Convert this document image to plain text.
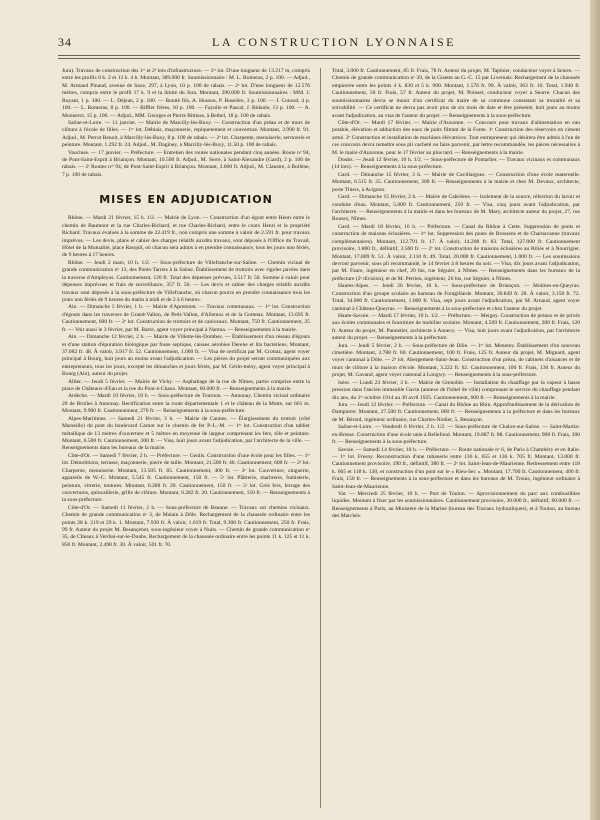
34	LA CONSTRUCTION LYONNAISE

Jura). Travaux de construction des 1ᵉʳ et 2ᵉ lots d'infrastructure. — 1ᵉʳ lot. D'une longueur de 13.217 m, compris entre les profils 0 k. 2 et 13 k. 4 h. Montant, 389.000 fr. Soumissionnaire : M. L. Romeras, 2 p. 100. — Adjud., M. Armand Pinaud, avenue de Saxe, 297, à Lyon, 10 p. 100 de rabais. — 2ᵉ lot. D'une longueur de 12.576 mètres, compris entre le profil 17 k. 9 et la limite du Jura. Montant, 290.000 fr. Soumissionnaires : MM. J. Ruyant, 1 p. 100. — L. Déjean, 2 p. 100. — Bouttè fils, A. Husson, P. Bussière, 3 p. 100. — J. Conord, 4 p. 100. — L. Romeras, 8 p. 100. — Biffler frères, 10 p. 100. — Fayolle et Pascal, J. Bidaule, 13 p. 100. — A. Monnerot, 15 p. 100. — Adjud., MM. Georges et Pierre Bittisse, à Bethel, 18 p. 100 de rabais.

Saône-et-Loire. — 11 janvier. — Mairie de Marcilly-lès-Buxy. — Construction d'un préau et de murs de clôture à l'école de filles. — 1ᵉʳ lot. Déblais, maçonnerie, repiquetement et couverture. Montant, 3.990 fr. 91. Adjud., M. Perrot Benoit, à Marcilly-lès-Buxy, 8 p. 100 de rabais. — 2ᵉ lot. Charpente, menuiserie, serrurerie et peinture. Montant, 1.292 fr. 24. Adjud., M. Daginey, à Marcilly-lès-Buxy, 11.50 p. 100 de rabais.

Vaucluse. — 17 janvier. — Préfecture. — Entretien des routes nationales pendant cinq années. Route nᵒ 94, de Pont-Saint-Esprit à Briançon. Montant, 10.500 fr. Adjud., M. Serre, à Saint-Alexandre (Gard), 2 p. 100 de rabais. — 2ᵉ Routes nᵒˢ 94, de Pont-Saint-Esprit à Briançon. Montant, 3.800 fr. Adjud., M. Claustre, à Bollène, 7 p. 100 de rabais.

MISES EN ADJUDICATION

Rhône. — Mardi 21 février, 15 h. 1/2. — Mairie de Lyon. — Construction d'un égout entre Henri entre le chemin de Baumont et la rue Charles-Richard, et rue Charles-Richard, entre le cours Henri et la propriété Richard. Travaux évalués à la somme de 22.419 fr., non compris une somme à valoir de 2.591 fr. pour travaux imprévus. — Les devis, plans et cahier des charges relatifs auxdits travaux, sont déposés à l'Office du Travail, Hôtel de la Mutualité, place Rasquil, où chacun sera admis à en prendre connaissance, tous les jours non fériés, de 9 heures à 17 heures.

Rhône. — Jeudi 2 mars, 10 h. 1/2. — Sous-préfecture de Villefranche-sur-Saône. — Chemin vicinal de grande communication nᵒ 13, des Ponts-Tarrets à la Saône. Établissement de trottoirs avec rigoles pavées dans la traverse d'Ampleyus. Cautionnement, 120 fr. Total des dépenses prévues, 3.517 fr. 50. Somme à valoir pour dépenses imprévues et frais de surveillance, 357 fr. 50. — Les devis et cahier des charges relatifs auxdits travaux sont déposés à la sous-préfecture de Villefranche, où chacun pourra en prendre connaissance tous les jours non fériés de 9 heures du matin à midi et de 2 à 6 heures.

Ain. — Dimanche 5 février, 1 h. — Mairie d'Apremont. — Travaux communaux. — 1ᵉʳ lot. Construction d'égouts dans les traverses de Grand-Vallon, de Petit-Vallon, d'Allemoz et de la Gottetaz. Montant, 13.695 fr. Cautionnement, 600 fr. — 2ᵉ lot. Construction de trottoirs et de caniveaux. Montant, 750 fr. Cautionnement, 25 fr. — Voir aussi le 3 février, par M. Barre, agent voyer principal à Nantua. — Renseignements à la mairie.

Ain. — Dimanche 12 février, 2 h. — Mairie de Villette-lès-Dombes. — Établissement d'un réseau d'égouts et d'une station d'épuration biologique par fosse septique, caisses aérobies Derene et lits bactériens. Montant, 37.082 fr. 48. À valoir, 3.917 fr. 52. Cautionnement, 1.000 fr. — Visa de certificat par M. Crottaz, agent voyer principal à Bourg, huit jours au moins avant l'adjudication. — Les pièces du projet seront communiquées aux entrepreneurs, tous les jours, excepté les dimanches et jours fériés, par M. Gérin-mény, agent voyer principal à Bourg (Ain), auteur du projet.

Allier. — Jeudi 5 février. — Mairie de Vichy. — Asphaltage de la rue de Nîmes, partie comprise entre la place de Châteaux-d'Eau et la rue du Pont-à-Chaux. Montant, 60.000 fr. — Renseignements à la mairie.

Ardèche. — Mardi 10 février, 10 h. — Sous-préfecture de Tournon. — Annonay. Chemin vicinal ordinaire 20 de Brolles à Annonay. Rectification entre la route départementale 1 et le château de la Motte, sur 661 m. Montant, 9.900 fr. Cautionnement, 270 fr. — Renseignements à la sous-préfecture.

Alpes-Maritimes. — Samedi 21 février, 3 h. — Mairie de Cannes. — Élargissement du trottoir (côté Marseille) du pont du boulevard Carnot sur le chemin de fer P.-L.-M. — 1ᵉʳ lot. Construction d'un tablier métallique de 13 mètres d'ouverture et 5 mètres en moyenne de largeur comprenant les fers, tôle et peinture. Montant, 6.500 fr. Cautionnement, 300 fr. — Visa, huit jours avant l'adjudication, par l'architecte de la ville. — Renseignements dans les bureaux de la mairie.

Côte-d'Or. — Samedi 7 février, 2 h. — Préfecture. — Genlis. Construction d'une école pour les filles. — 1ᵉʳ lot. Démolitions, terrasse, maçonnerie, pierre de taille. Montant, 21.500 fr. 40. Cautionnement, 600 fr. — 2ᵉ lot. Charpente, menuiserie. Montant, 13.505 fr. 85. Cautionnement, 400 fr. — 3ᵉ lot. Couverture, zinguerie, appareils de W.-C. Montant, 5.545 fr. Cautionnement, 150 fr. — 5ᵉ lot. Plâtrerie, marbrerie, fumisterie, peinture, vitrerie, tentures. Montant, 6.288 fr. 20. Cautionnement, 150 fr. — 5ᵉ lot. Grès fers, ferrage des couvertures, quincaillerie, grille de clôture. Montant, 6.282 fr. 20. Cautionnement, 150 fr. — Renseignements à la sous-préfecture.

Côte-d'Or. — Samedi 11 février, 2 h. — Sous-préfecture de Beaune. — Travaux sur chemins vicinaux. Chemin de grande communication nᵒ 3, de Malain à Dôle. Rechargement de la chaussée ordinaire entre les points 28 k. 219 et 29 k. 1. Montant, 7.930 fr. À valoir, 1.019 fr. Total, 9.300 fr. Cautionnement, 250 fr. Frais, 99 fr. Auteur du projet M. Besançenot, sous-ingénieur voyer à Nuits. — Chemin de grande communication nᵒ 35, de Cîteaux à Verdun-sur-le-Doubs. Rechargement de la chaussée ordinaire entre les points 11 k. 125 et 11 k. 850 fr. Montant, 2.498 fr. 30. À valoir, 501 fr. 70.

Total, 3.000 fr. Cautionnement, 85 fr. Frais, 78 fr. Auteur du projet, M. Tapinier, conducteur voyer à Seurre. — Chemin de grande communication nᵒ 39, de la Gisette au G.-C. 15 par Livernais. Rechargement de la chaussée empierrée entre les points 4 k. 830 et 5 k. 900. Montant, 1.576 fr. 90. À valoir, 363 fr. 10. Total, 1.940 fr. Cautionnement, 50 fr. Frais, 57 fr. Auteur du projet, M. Poinset, conducteur voyer à Seurre. Chacun des soumissionnaires devra se munir d'un certificat du maire de sa commune constatant sa moralité et sa solvabilité. — Ce certificat ne devra pas avoir plus de six mois de date et être présenté, huit jours au moins avant l'adjudication, au visa de l'auteur du projet. — Renseignements à la sous-préfecture.

Côte-d'Or. — Mardi 17 février. — Mairie d'Auxonne. — Concours pour travaux d'alimentation en eau potable, élévation et adduction des eaux de puits filtrant de la Fonte. 1ᵒ Construction des réservoirs en ciment armé. 2ᵒ Construction et installation de machines élévatrices. Tout entrepreneur qui désirera être admis à l'un de ces concours devra remettre sous pli cacheté ou faire parvenir, par lettre recommandée, les pièces nécessaires à M. le maire d'Auxonne, pour le 17 février au plus tard. — Renseignements à la mairie.

Doubs. — Jeudi 12 février, 10 h. 1/2. — Sous-préfecture de Pontarlier. — Travaux vicinaux et communaux (14 lots). — Renseignements à la sous-préfecture.

Gard. — Dimanche 15 février, 3 h. — Mairie de Cavillargues. — Construction d'une école maternelle. Montant, 6.515 fr. 35. Cautionnement, 300 fr. — Renseignements à la mairie et chez M. Devaux, architecte, porte Thiers, à Avignon.

Gard. — Dimanche 15 février, 2 h. — Mairie de Cabrières. — Isolement de la source, réfection du lavoir et conduite d'eau. Montant, 5.000 fr. Cautionnement, 250 fr. — Visa, cinq jours avant l'adjudication, par l'architecte. — Renseignements à la mairie et dans les bureaux de M. Mary, architecte auteur du projet, 27, rue Rousey, Nîmes.

Gard. — Mardi 18 février, 10 h. — Préfecture. — Canal du Rhône à Cette. Suppression de ponts et construction de maisons éclusières. — 1ᵉʳ lot. Suppression des ponts de Brossens et de Charnavanne (travaux complémentaires). Montant, 112.791 fr. 17. À valoir, 14.208 fr. 83. Total, 127.000 fr. Cautionnement provisoire, 1.800 fr., définitif, 3.500 fr. — 2ᵉ lot. Construction de maisons éclusières au Riliès et à Nourrigier. Montant, 17.889 fr. 51. À valoir, 2.110 fr. 49. Total, 20.000 fr. Cautionnement, 1.000 fr. — Les soumissions devront parvenir, sous pli recommandé, le 14 février à 8 heures du soir. — Visa, dix jours avant l'adjudication, par M. Faure, ingénieur en chef, 20 bis, rue Séguier, à Nîmes. — Renseignements dans les bureaux de la préfecture (2ᵉ division), et de M. Perrieu, ingénieur, 26 bis, rue Séguier, à Nîmes.

Hautes-Alpes. — Jeudi 26 février, 10 h. — Sous-préfecture de Briançon. — Molines-en-Queyras. Construction d'un groupe scolaire au hameau de Fontgillarde. Montant, 30.849 fr. 28. À valoir, 3.150 fr. 72. Total, 34.000 fr. Cautionnement, 1.000 fr. Visa, sept jours avant l'adjudication, par M. Arnaud, agent voyer cantonal à Château-Queyras. — Renseignements à la sous-préfecture et chez l'auteur du projet.

Haute-Savoie. — Mardi 17 février, 10 h. 1/2. — Préfecture. — Meigny. Construction de préaux et de privés aux écoles communales et fourniture de mobilier scolaire. Montant, 4.509 fr. Cautionnement, 200 fr. Frais, 120 fr. Auteur du projet, M. Pannetier, architecte à Annecy. — Visa, huit jours avant l'adjudication, par l'architecte auteur du projet. — Renseignements à la préfecture.

Jura. — Jeudi 5 février, 2 h. — Sous-préfecture de Dôle. — 1ᵉʳ lot. Menotey. Établissement d'un nouveau cimetière. Montant, 3.788 fr. 60. Cautionnement, 100 fr. Frais, 125 fr. Auteur du projet, M. Mignard, agent voyer cantonal à Dôle. — 2ᵉ lot. Abergement-Saint-Jean. Construction d'un préau, de cabinets d'aisances et de murs de clôture à la maison d'école. Montant, 3.222 fr. 62. Cautionnement, 100 fr. Frais, 130 fr. Auteur du projet, M. Gavand, agent voyer cantonal à Longwy. — Renseignements à la sous-préfecture.

Isère. — Lundi 23 février, 3 h. — Mairie de Grenoble. — Installation du chauffage par la vapeur à basse pression dans l'ancien immeuble Gavin (annexe de l'hôtel de ville) comprenant le service du chauffage pendant dix ans, du 1ᵉʳ octobre 1914 au 30 avril 1925. Cautionnement, 600 fr. — Renseignements à la mairie.

Jura. — Jeudi 12 février. — Préfecture. — Canal du Rhône au Rhin. Approfondissement de la dérivation de Dampierre. Montant, 27.500 fr. Cautionnement, 800 fr. — Renseignements à la préfecture et dans les bureaux de M. Bérard, ingénieur ordinaire, rue Charles-Nodier, 5, Besançon.

Saône-et-Loire. — Vendredi 6 février, 2 h. 1/2. — Sous-préfecture de Chalon-sur-Saône. — Saint-Martin-en-Bresse. Construction d'une école unie à Bellefond. Montant, 19.887 fr. 88. Cautionnement, 900 fr. Frais, 300 fr. — Renseignements à la sous-préfecture.

Savoie. — Samedi 14 février, 10 h. — Préfecture. — Route nationale nᵒ 6, de Paris à Chambéry et en Italie. — 1ᵉʳ lot. Fresny. Reconstruction d'une rubanerie entre 136 k. 655 et 136 k. 705 fr. Montant, 13.000 fr. Cautionnement provisoire, 190 fr., définitif, 380 fr. — 2ᵉ lot. Saint-Jean-de-Maurienne. Redressement entre 118 k. 665 et 118 k. 130, et construction d'un pont sur le « Rieu-Sec ». Montant, 17.700 fr. Cautionnement, 400 fr. Frais, 150 fr. — Renseignements à la sous-préfecture et dans les bureaux de M. Trouis, ingénieur ordinaire à Saint-Jean-de-Maurienne.

Var. — Mercredi 25 février, 10 h. — Port de Toulon. — Aprovisionnement du parc aux combustibles liquides. Montant à fixer par les soumissionnaires. Cautionnement provisoire, 30.000 fr., définitif, 60.000 fr. — Renseignements à Paris, au Ministère de la Marine (bureau des Travaux hydrauliques), et à Toulon, au bureau des Marchés.
